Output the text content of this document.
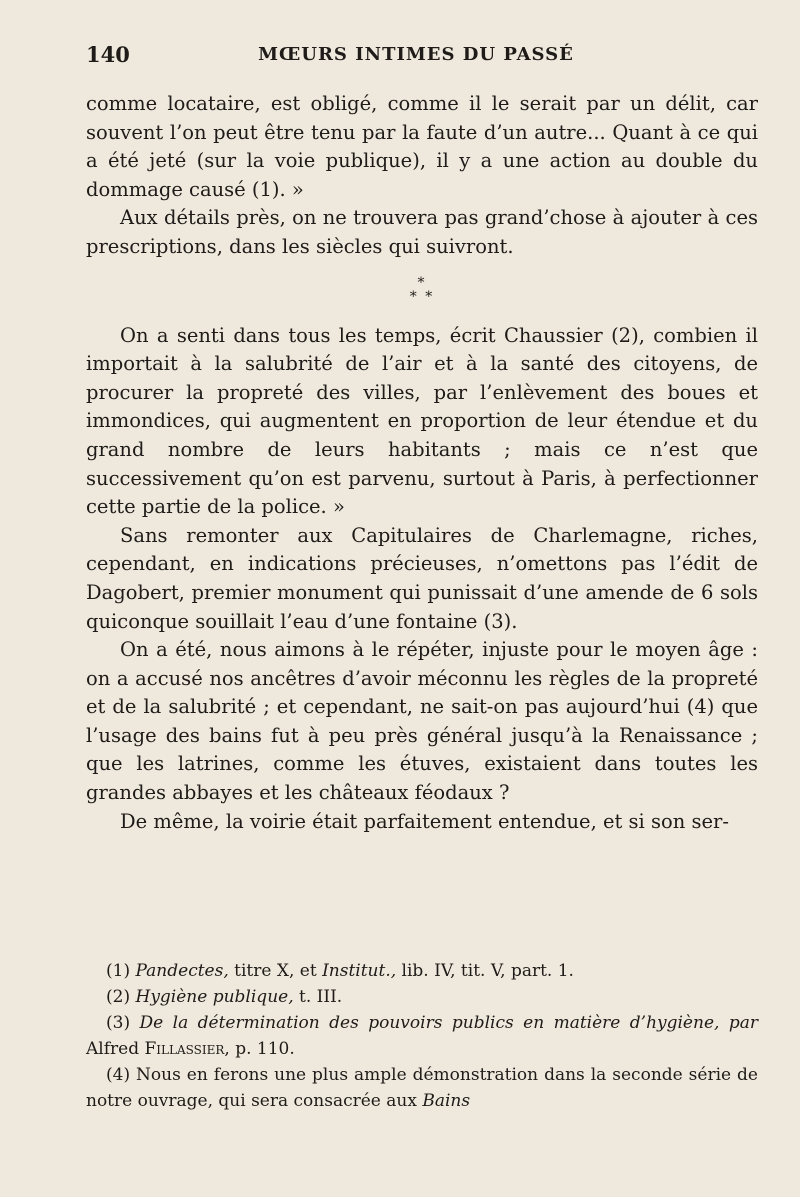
140	MŒURS INTIMES DU PASSÉ

comme locataire, est obligé, comme il le serait par un délit, car souvent l’on peut être tenu par la faute d’un autre... Quant à ce qui a été jeté (sur la voie publique), il y a une action au double du dommage causé (1). »

Aux détails près, on ne trouvera pas grand’chose à ajouter à ces prescriptions, dans les siècles qui suivront.

*
* *

On a senti dans tous les temps, écrit Chaussier (2), combien il importait à la salubrité de l’air et à la santé des citoyens, de procurer la propreté des villes, par l’enlèvement des boues et immondices, qui augmentent en proportion de leur étendue et du grand nombre de leurs habitants ; mais ce n’est que successivement qu’on est parvenu, surtout à Paris, à perfectionner cette partie de la police. »

Sans remonter aux Capitulaires de Charlemagne, riches, cependant, en indications précieuses, n’omettons pas l’édit de Dagobert, premier monument qui punissait d’une amende de 6 sols quiconque souillait l’eau d’une fontaine (3).

On a été, nous aimons à le répéter, injuste pour le moyen âge : on a accusé nos ancêtres d’avoir méconnu les règles de la propreté et de la salubrité ; et cependant, ne sait-on pas aujourd’hui (4) que l’usage des bains fut à peu près général jusqu’à la Renaissance ; que les latrines, comme les étuves, existaient dans toutes les grandes abbayes et les châteaux féodaux ?

De même, la voirie était parfaitement entendue, et si son ser-

(1) Pandectes, titre X, et Institut., lib. IV, tit. V, part. 1.

(2) Hygiène publique, t. III.

(3) De la détermination des pouvoirs publics en matière d’hygiène, par Alfred Fillassier, p. 110.

(4) Nous en ferons une plus ample démonstration dans la seconde série de notre ouvrage, qui sera consacrée aux Bains
